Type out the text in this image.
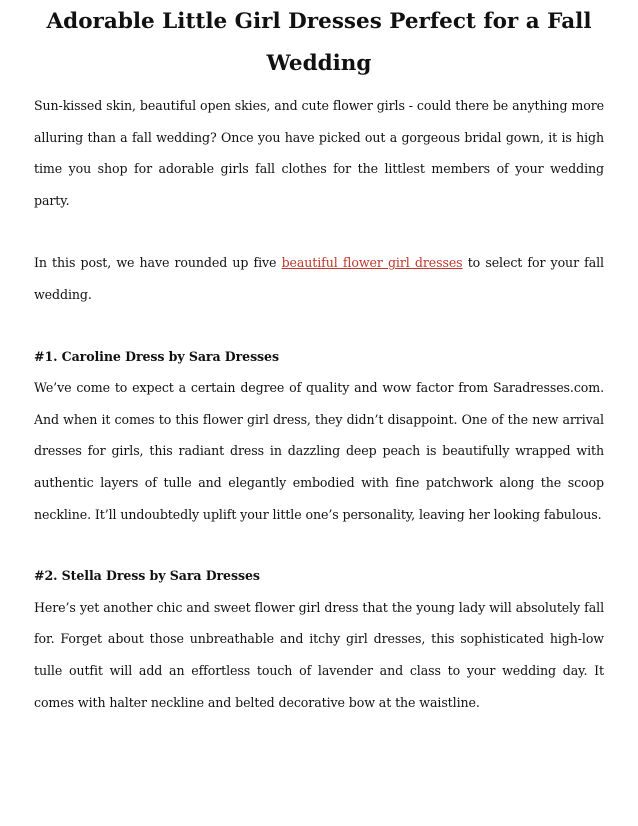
Adorable Little Girl Dresses Perfect for a Fall Wedding

Sun-kissed skin, beautiful open skies, and cute flower girls - could there be anything more alluring than a fall wedding? Once you have picked out a gorgeous bridal gown, it is high time you shop for adorable girls fall clothes for the littlest members of your wedding party.

In this post, we have rounded up five beautiful flower girl dresses to select for your fall wedding.

#1. Caroline Dress by Sara Dresses

We’ve come to expect a certain degree of quality and wow factor from Saradresses.com. And when it comes to this flower girl dress, they didn’t disappoint. One of the new arrival dresses for girls, this radiant dress in dazzling deep peach is beautifully wrapped with authentic layers of tulle and elegantly embodied with fine patchwork along the scoop neckline. It’ll undoubtedly uplift your little one’s personality, leaving her looking fabulous.

#2. Stella Dress by Sara Dresses

Here’s yet another chic and sweet flower girl dress that the young lady will absolutely fall for. Forget about those unbreathable and itchy girl dresses, this sophisticated high-low tulle outfit will add an effortless touch of lavender and class to your wedding day. It comes with halter neckline and belted decorative bow at the waistline.
